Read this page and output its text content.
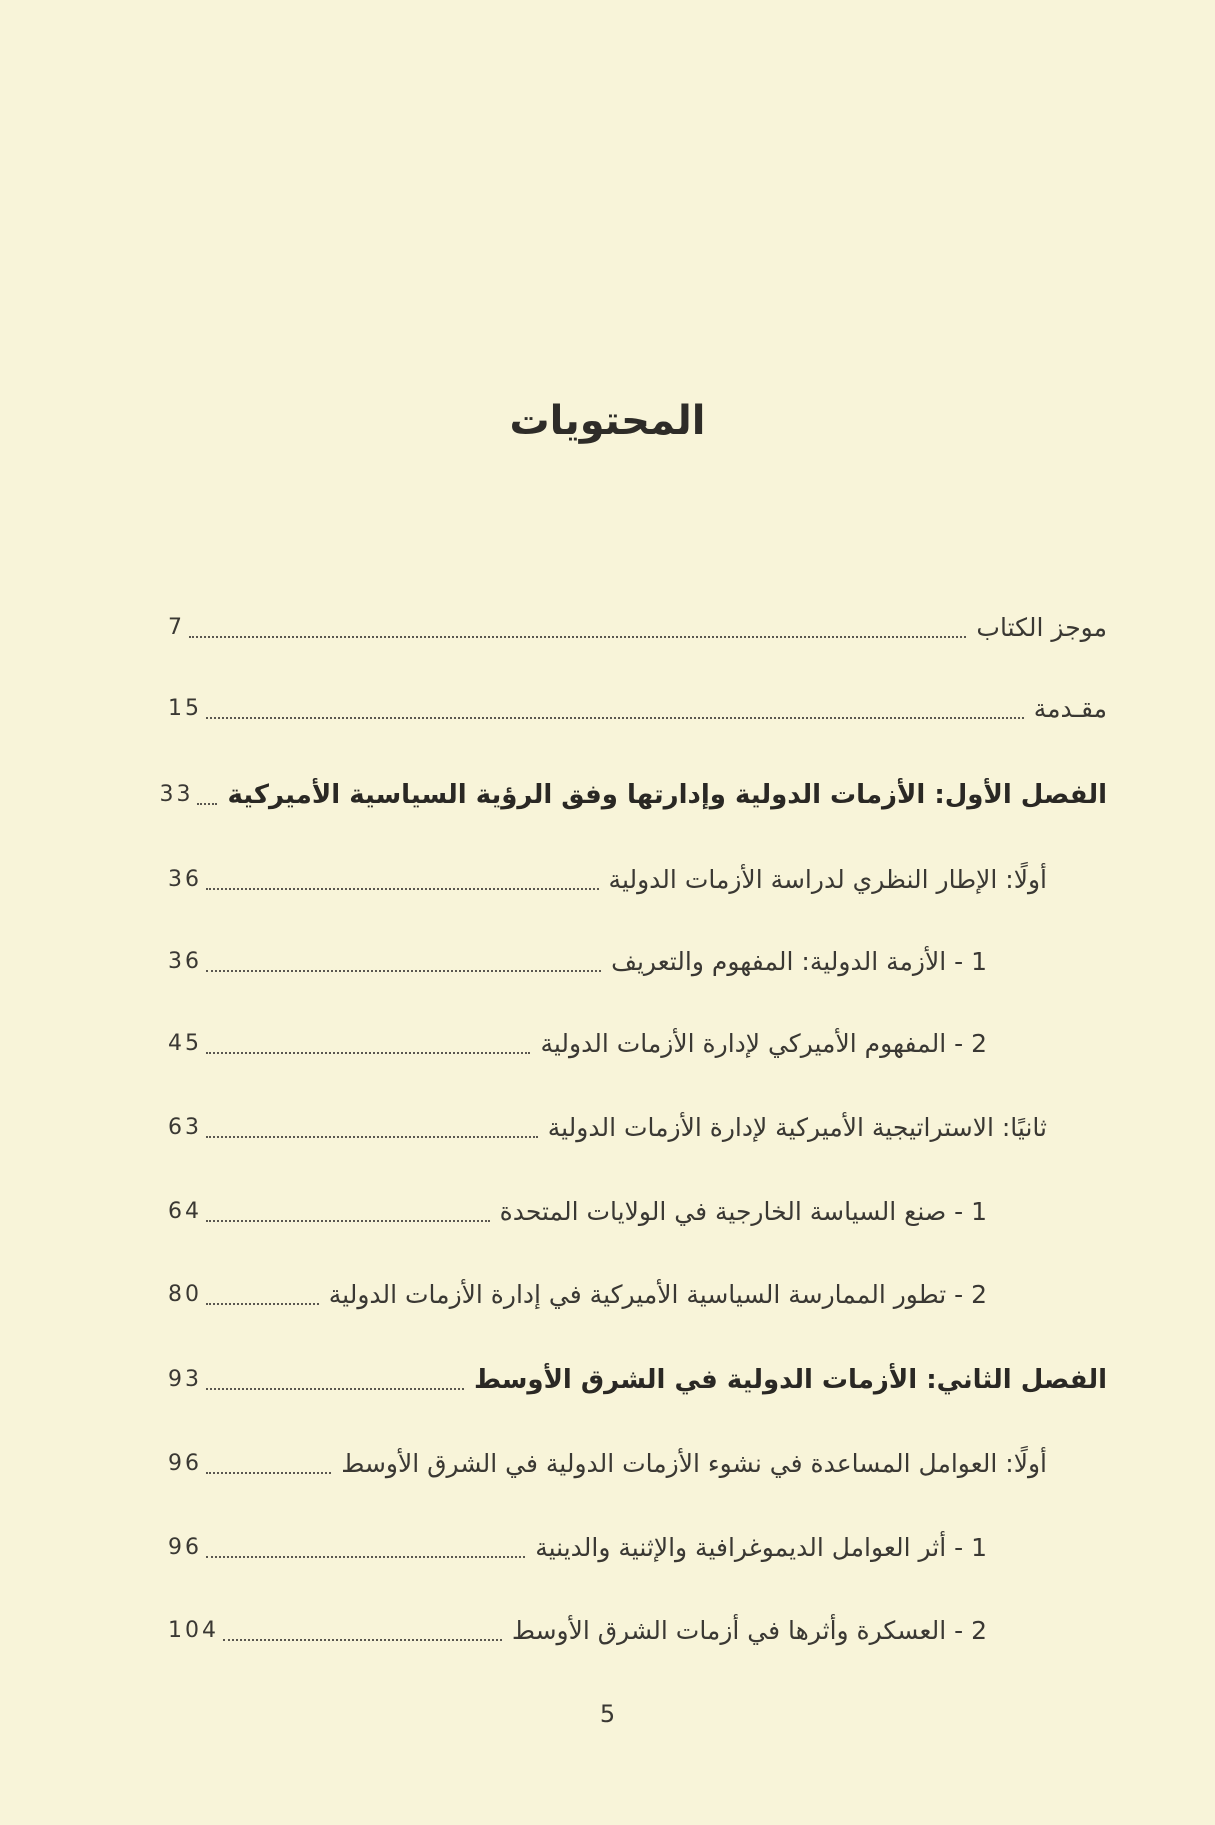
المحتويات
موجز الكتاب
7
مقـدمة
15
الفصل الأول: الأزمات الدولية وإدارتها وفق الرؤية السياسية الأميركية
33
أولًا: الإطار النظري لدراسة الأزمات الدولية
36
1 - الأزمة الدولية: المفهوم والتعريف
36
2 - المفهوم الأميركي لإدارة الأزمات الدولية
45
ثانيًا: الاستراتيجية الأميركية لإدارة الأزمات الدولية
63
1 - صنع السياسة الخارجية في الولايات المتحدة
64
2 - تطور الممارسة السياسية الأميركية في إدارة الأزمات الدولية
80
الفصل الثاني: الأزمات الدولية في الشرق الأوسط
93
أولًا: العوامل المساعدة في نشوء الأزمات الدولية في الشرق الأوسط
96
1 - أثر العوامل الديموغرافية والإثنية والدينية
96
2 - العسكرة وأثرها في أزمات الشرق الأوسط
104
5
